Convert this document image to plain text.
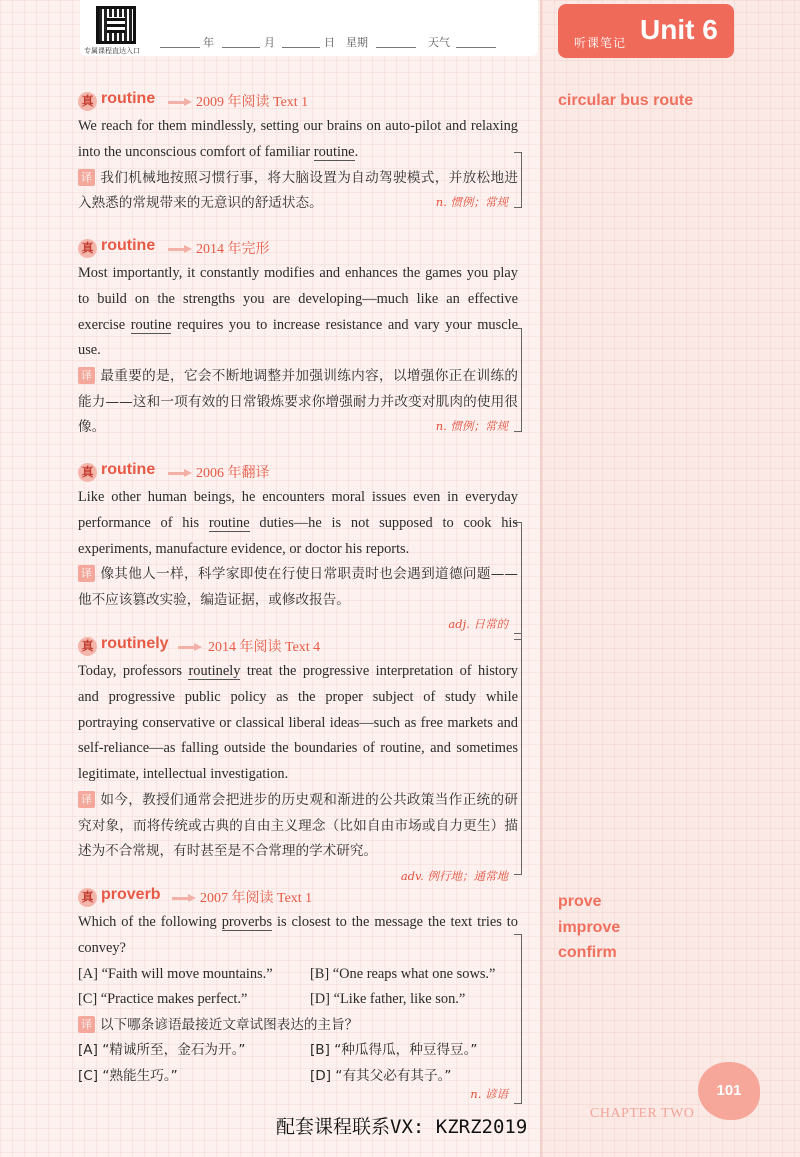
专属课程直达入口
年	月	日 星期	天气	听课笔记 Unit 6
circular bus route
prove
improve
confirm
真 routine	2009 年阅读 Text 1

We reach for them mindlessly, setting our brains on auto-pilot and relaxing into the unconscious comfort of familiar routine.

译 我们机械地按照习惯行事，将大脑设置为自动驾驶模式，并放松地进入熟悉的常规带来的无意识的舒适状态。	n. 惯例；常规
真 routine	2014 年完形

Most importantly, it constantly modifies and enhances the games you play to build on the strengths you are developing—much like an effective exercise routine requires you to increase resistance and vary your muscle use.

译 最重要的是，它会不断地调整并加强训练内容，以增强你正在训练的能力——这和一项有效的日常锻炼要求你增强耐力并改变对肌肉的使用很像。	n. 惯例；常规
真 routine	2006 年翻译

Like other human beings, he encounters moral issues even in everyday performance of his routine duties—he is not supposed to cook his experiments, manufacture evidence, or doctor his reports.

译 像其他人一样，科学家即使在行使日常职责时也会遇到道德问题——他不应该篡改实验，编造证据，或修改报告。
adj. 日常的
真 routinely	2014 年阅读 Text 4

Today, professors routinely treat the progressive interpretation of history and progressive public policy as the proper subject of study while portraying conservative or classical liberal ideas—such as free markets and self-reliance—as falling outside the boundaries of routine, and sometimes legitimate, intellectual investigation.

译 如今，教授们通常会把进步的历史观和渐进的公共政策当作正统的研究对象，而将传统或古典的自由主义理念（比如自由市场或自力更生）描述为不合常规，有时甚至是不合常理的学术研究。
adv. 例行地；通常地
真 proverb	2007 年阅读 Text 1

Which of the following proverbs is closest to the message the text tries to convey?

[A] “Faith will move mountains.”	[B] “One reaps what one sows.”
[C] “Practice makes perfect.”	[D] “Like father, like son.”
译 以下哪条谚语最接近文章试图表达的主旨？
[A] “精诚所至，金石为开。”	[B] “种瓜得瓜，种豆得豆。”
[C] “熟能生巧。”	[D] “有其父必有其子。”
n. 谚语
配套课程联系VX: KZRZ2019
CHAPTER TWO
101
